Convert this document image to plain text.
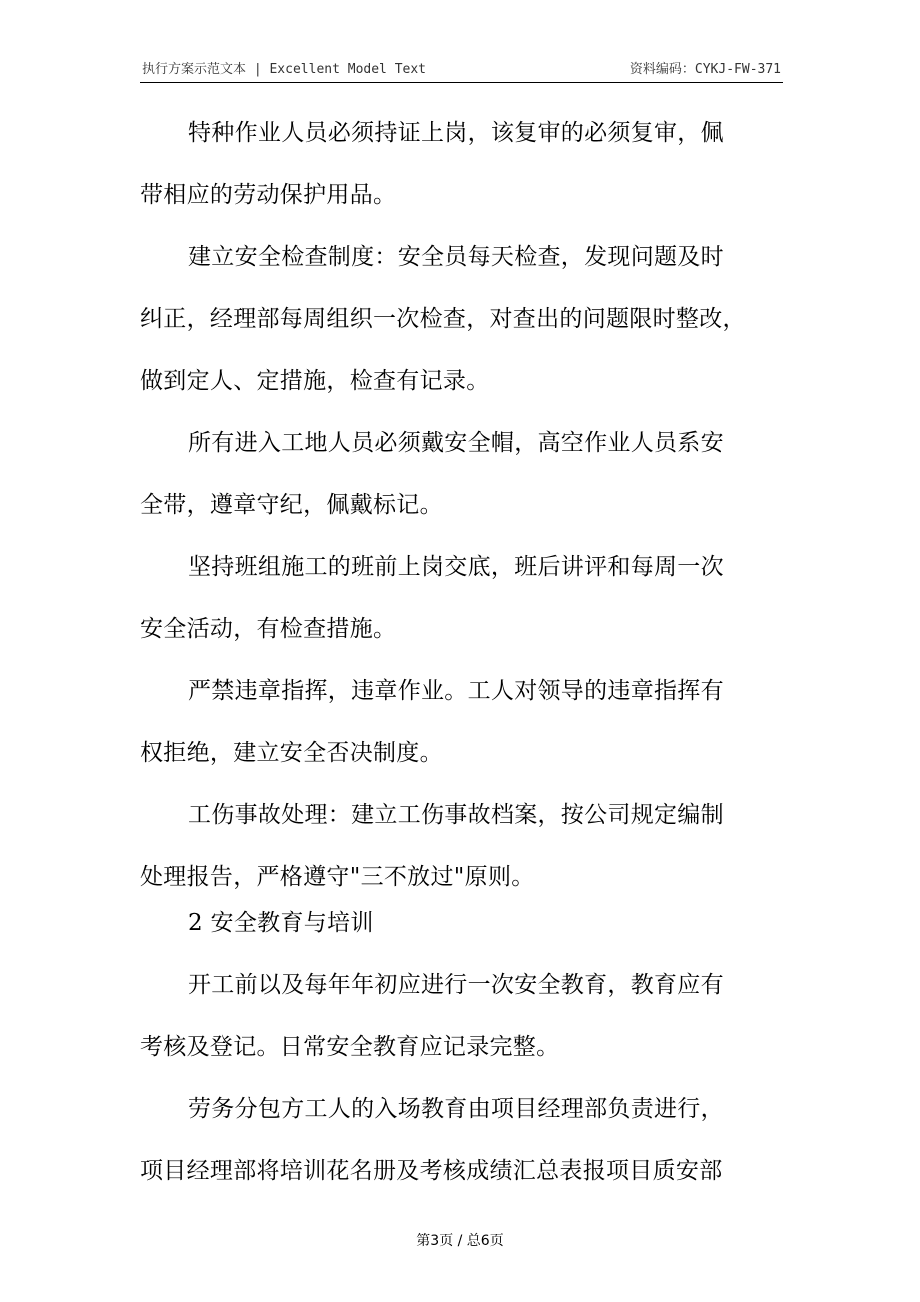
执行方案示范文本 | Excellent Model Text	资料编码：CYKJ-FW-371
特种作业人员必须持证上岗，该复审的必须复审，佩
带相应的劳动保护用品。
建立安全检查制度：安全员每天检查，发现问题及时
纠正，经理部每周组织一次检查，对查出的问题限时整改，
做到定人、定措施，检查有记录。
所有进入工地人员必须戴安全帽，高空作业人员系安
全带，遵章守纪，佩戴标记。
坚持班组施工的班前上岗交底，班后讲评和每周一次
安全活动，有检查措施。
严禁违章指挥，违章作业。工人对领导的违章指挥有
权拒绝，建立安全否决制度。
工伤事故处理：建立工伤事故档案，按公司规定编制
处理报告，严格遵守"三不放过"原则。
2 安全教育与培训
开工前以及每年年初应进行一次安全教育，教育应有
考核及登记。日常安全教育应记录完整。
劳务分包方工人的入场教育由项目经理部负责进行，
项目经理部将培训花名册及考核成绩汇总表报项目质安部
第3页 / 总6页
